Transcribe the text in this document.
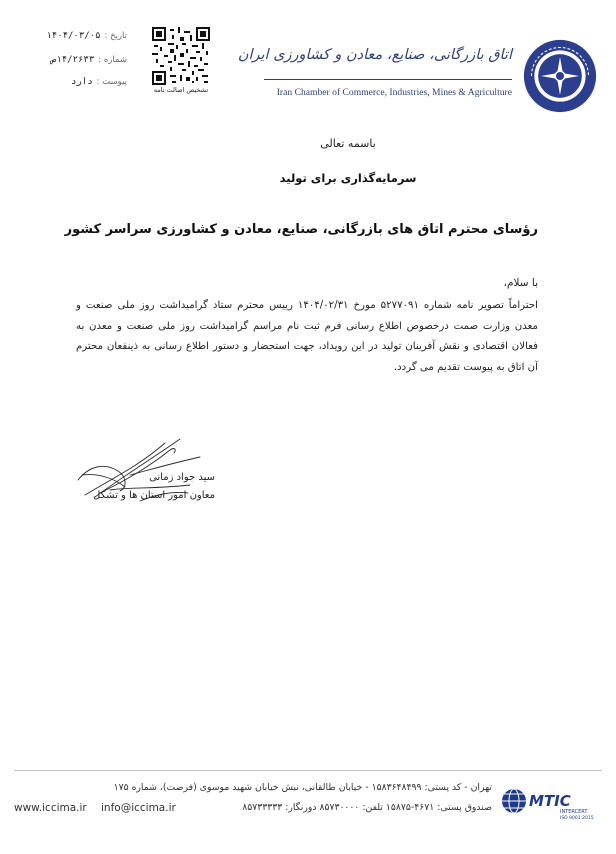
اتاق بازرگانی، صنایع، معادن و کشاورزی ایران
Iran Chamber of Commerce, Industries, Mines & Agriculture
تشخیص اصالت نامه
تاریخ :
۱۴۰۴/۰۳/۰۵
شماره :
۱۴/۲۶۳۳ص
پیوست :
دارد
باسمه تعالی
سرمایه‌گذاری برای تولید
رؤسای محترم اتاق های بازرگانی، صنایع، معادن و کشاورزی سراسر کشور
با سلام،
احتراماً تصویر نامه شماره ۵۲۷۷۰۹۱ مورخ ۱۴۰۴/۰۲/۳۱ رییس محترم ستاد گرامیداشت روز ملی صنعت و معدن وزارت صمت درخصوص اطلاع رسانی فرم ثبت نام مراسم گرامیداشت روز ملی صنعت و معدن به فعالان اقتصادی و نقش آفرینان تولید در این رویداد، جهت استحضار و دستور اطلاع رسانی به ذینفعان محترم آن اتاق به پیوست تقدیم می گردد.
سید جواد زمانی
معاون امور استان ها و تشکل
MTIC
INTERCERT
ISO 9001:2015
تهران - کد پستی: ۱۵۸۳۶۴۸۴۹۹ - خیابان طالقانی، نبش خیابان شهید موسوی (فرصت)، شماره ۱۷۵
صندوق پستی: ۴۶۷۱-۱۵۸۷۵ تلفن: ۸۵۷۳۰۰۰۰ دورنگار: ۸۵۷۳۳۳۳۳
info@iccima.ir
www.iccima.ir
